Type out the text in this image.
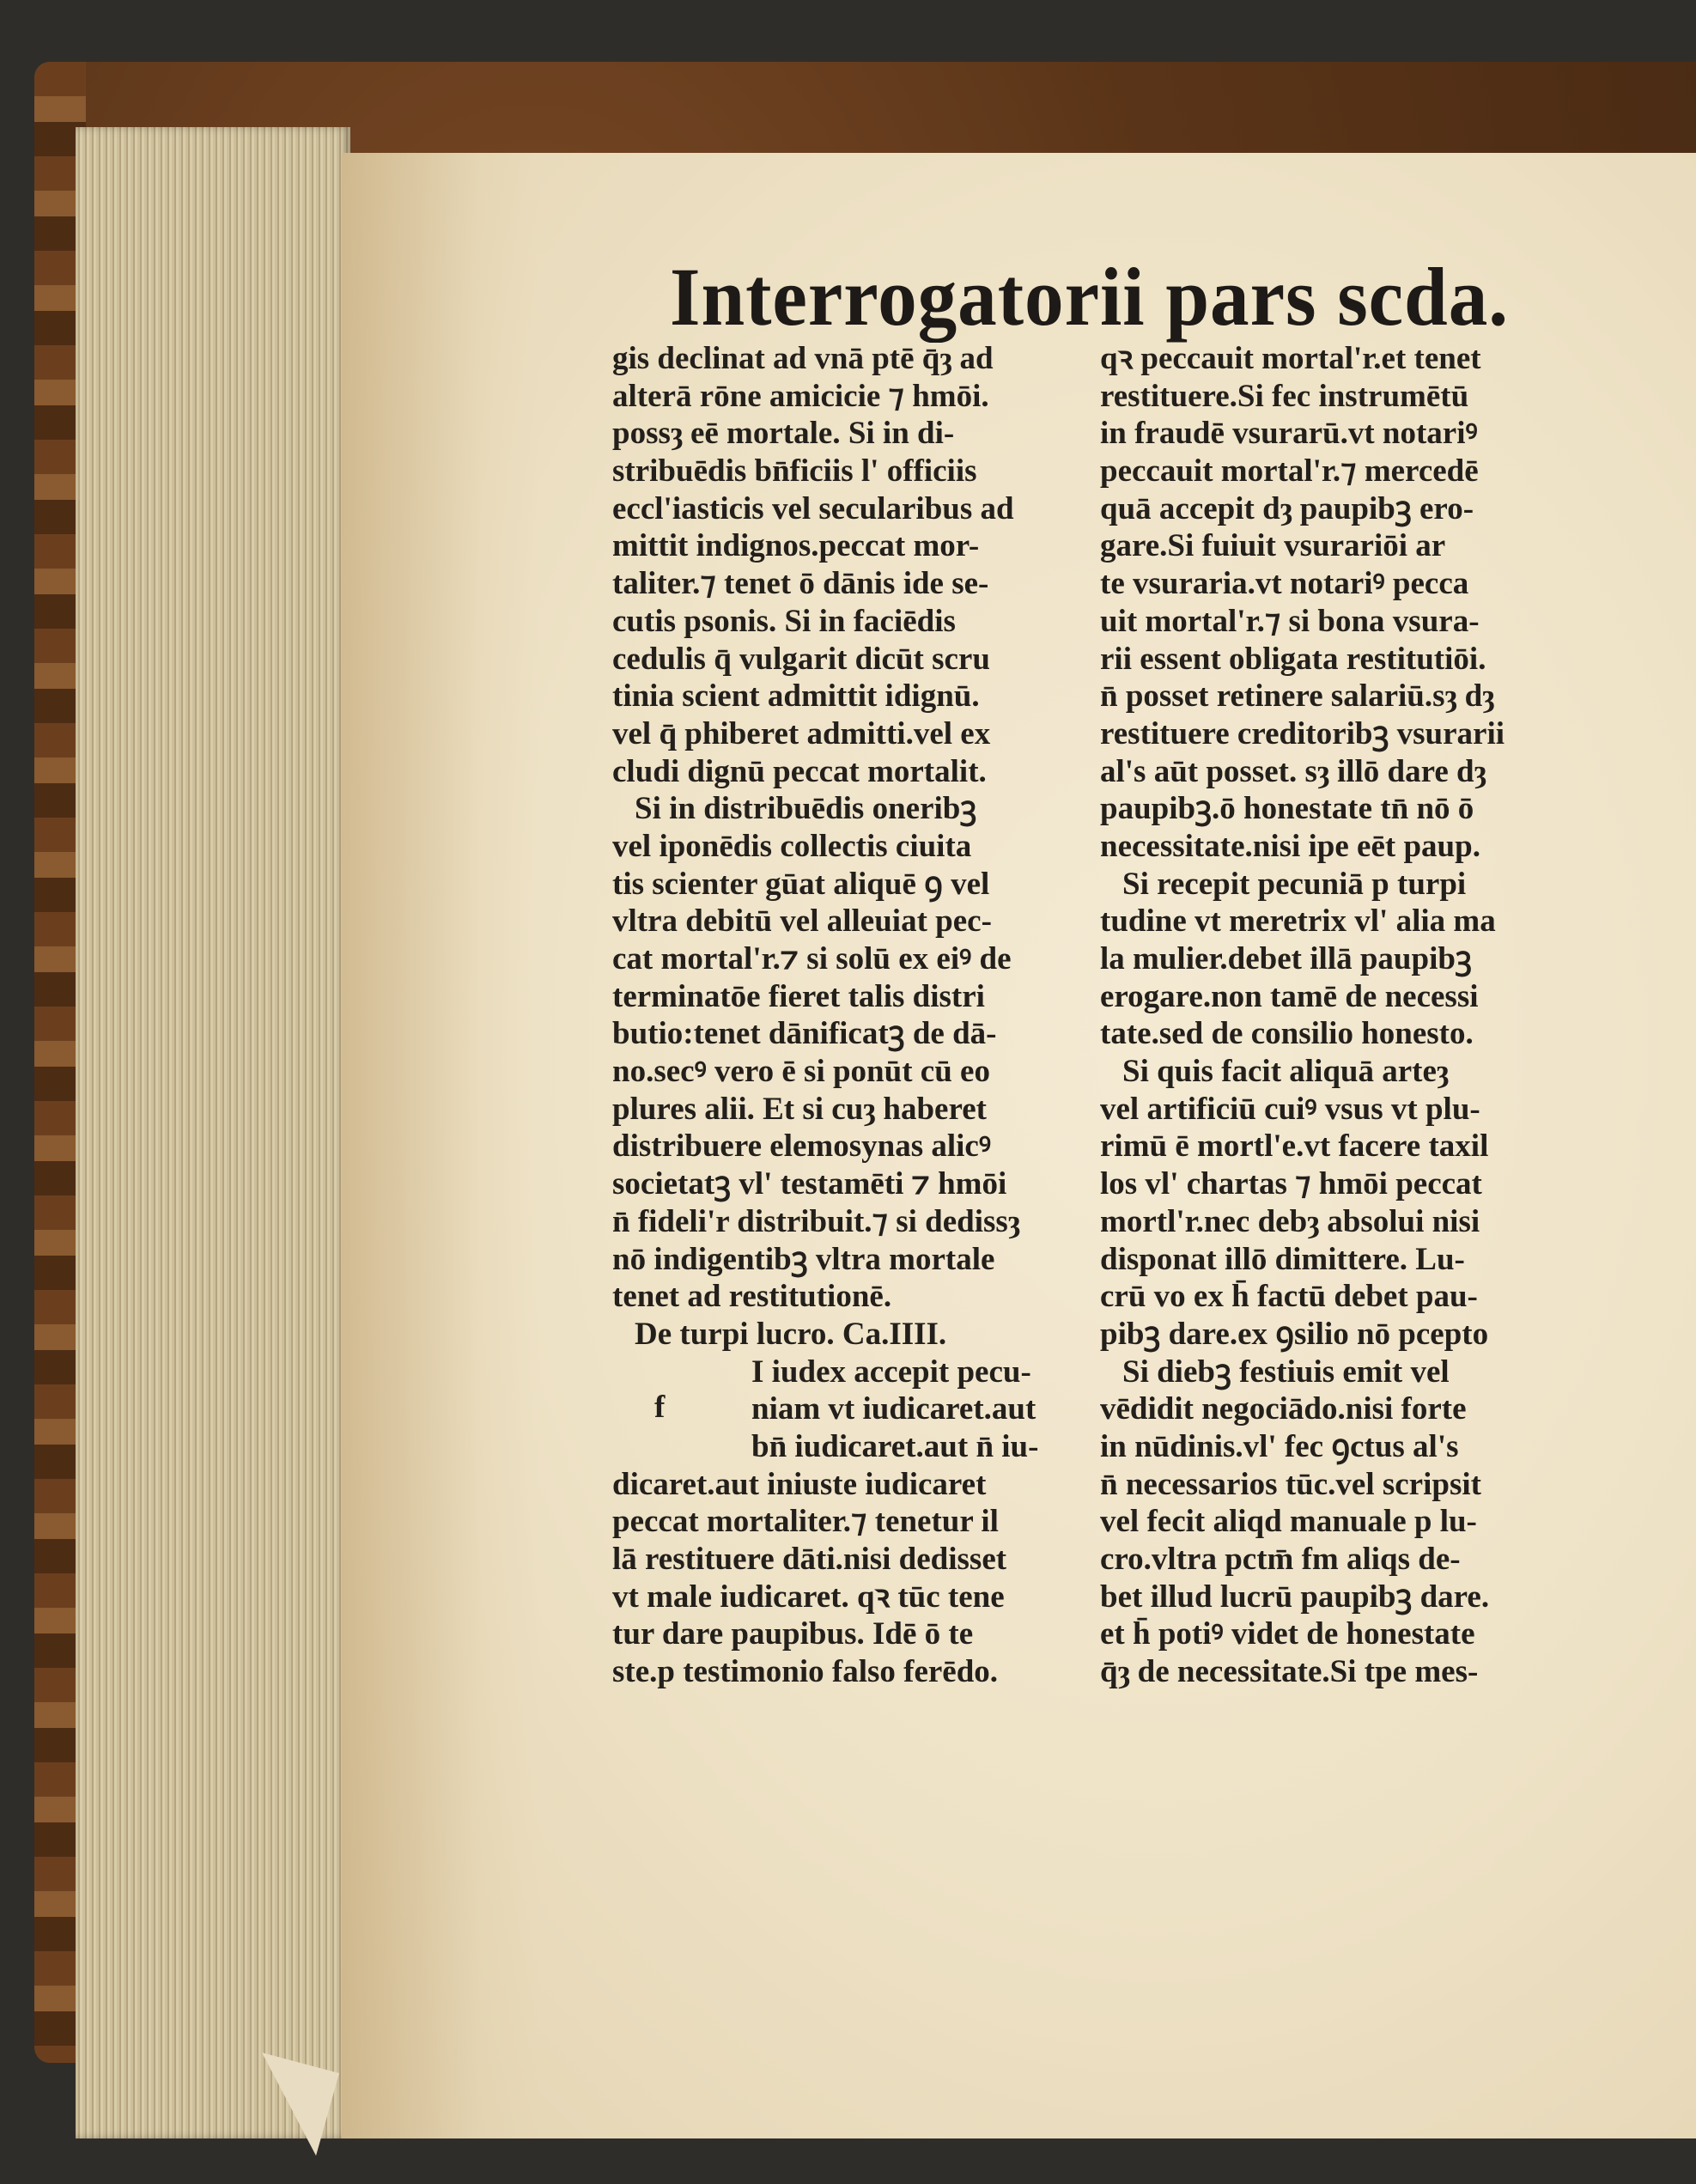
Interrogatorii pars scda.
f
gis declinat ad vnā ptē q̄ȝ ad
alterā rōne amicicie ⁊ hmōi.
possȝ eē mortale. Si in di-
stribuēdis bn̄ficiis l' officiis
eccl'iasticis vel secularibus ad
mittit indignos.peccat mor-
taliter.⁊ tenet ō dānis ide se-
cutis psonis. Si in faciēdis
cedulis q̄ vulgarit dicūt scru
tinia scient admittit idignū.
vel q̄ phiberet admitti.vel ex
cludi dignū peccat mortalit.
Si in distribuēdis oneribꝫ
vel iponēdis collectis ciuita
tis scienter gūat aliquē ꝯ vel
vltra debitū vel alleuiat pec-
cat mortal'r.⁊ si solū ex eiꝰ de
terminatōe fieret talis distri
butio:tenet dānificatꝫ de dā-
no.secꝰ vero ē si ponūt cū eo
plures alii. Et si cuȝ haberet
distribuere elemosynas alicꝰ
societatꝫ vl' testamēti ⁊ hmōi
n̄ fideli'r distribuit.⁊ si dedissȝ
nō indigentibꝫ vltra mortale
tenet ad restitutionē.
De turpi lucro. Ca.IIII.
I iudex accepit pecu-
niam vt iudicaret.aut
bn̄ iudicaret.aut n̄ iu-
dicaret.aut iniuste iudicaret
peccat mortaliter.⁊ tenetur il
lā restituere dāti.nisi dedisset
vt male iudicaret. qꝛ tūc tene
tur dare paupibus. Idē ō te
ste.p testimonio falso ferēdo.
qꝛ peccauit mortal'r.et tenet
restituere.Si fec instrumētū
in fraudē vsurarū.vt notariꝰ
peccauit mortal'r.⁊ mercedē
quā accepit dȝ paupibꝫ ero-
gare.Si fuiuit vsurariōi ar
te vsuraria.vt notariꝰ pecca
uit mortal'r.⁊ si bona vsura-
rii essent obligata restitutiōi.
n̄ posset retinere salariū.sȝ dȝ
restituere creditoribꝫ vsurarii
al's aūt posset. sȝ illō dare dȝ
paupibꝫ.ō honestate tn̄ nō ō
necessitate.nisi ipe eēt paup.
Si recepit pecuniā p turpi
tudine vt meretrix vl' alia ma
la mulier.debet illā paupibꝫ
erogare.non tamē de necessi
tate.sed de consilio honesto.
Si quis facit aliquā arteȝ
vel artificiū cuiꝰ vsus vt plu-
rimū ē mortl'e.vt facere taxil
los vl' chartas ⁊ hmōi peccat
mortl'r.nec debȝ absolui nisi
disponat illō dimittere. Lu-
crū vo ex h̄ factū debet pau-
pibꝫ dare.ex ꝯsilio nō pcepto
Si diebꝫ festiuis emit vel
vēdidit negociādo.nisi forte
in nūdinis.vl' fec ꝯctus al's
n̄ necessarios tūc.vel scripsit
vel fecit aliqd manuale p lu-
cro.vltra pctm̄ fm aliqs de-
bet illud lucrū paupibꝫ dare.
et h̄ potiꝰ videt de honestate
q̄ȝ de necessitate.Si tpe mes-
